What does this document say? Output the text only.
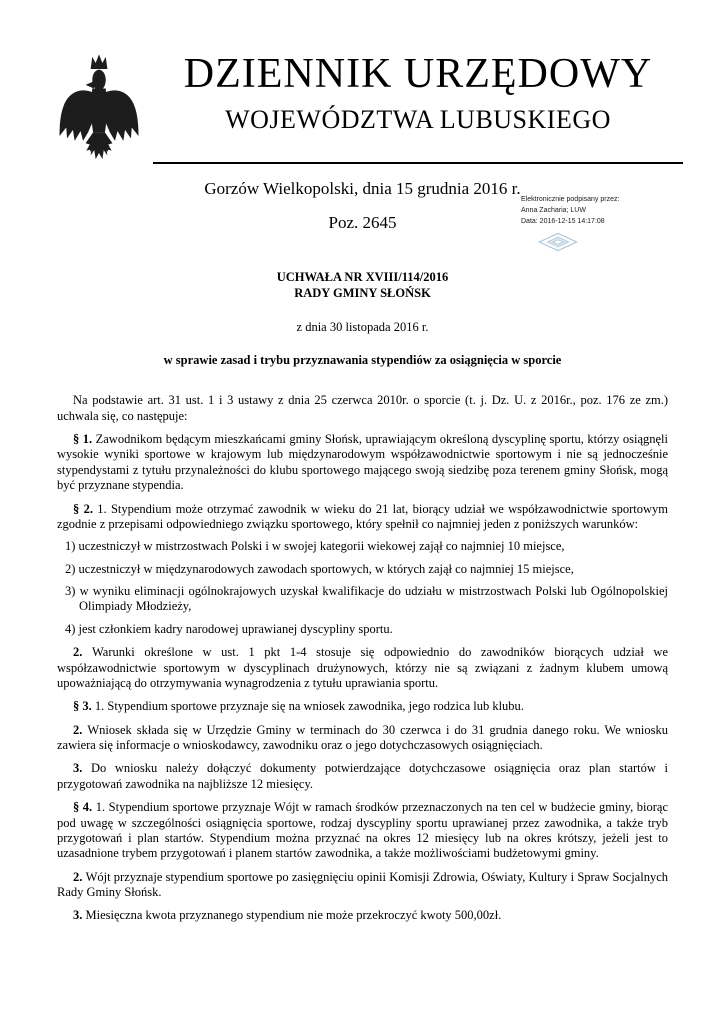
DZIENNIK URZĘDOWY
WOJEWÓDZTWA LUBUSKIEGO
Gorzów Wielkopolski, dnia 15 grudnia 2016 r.
Elektronicznie podpisany przez:
Anna Zacharia; LUW
Data: 2016-12-15 14:17:08
Poz. 2645
UCHWAŁA NR XVIII/114/2016
RADY GMINY SŁOŃSK
z dnia 30 listopada 2016 r.
w sprawie zasad i trybu przyznawania stypendiów za osiągnięcia w sporcie

Na podstawie art. 31 ust. 1 i 3 ustawy z dnia 25 czerwca 2010r. o sporcie (t. j. Dz. U. z 2016r., poz. 176 ze zm.) uchwala się, co następuje:

§ 1. Zawodnikom będącym mieszkańcami gminy Słońsk, uprawiającym określoną dyscyplinę sportu, którzy osiągnęli wysokie wyniki sportowe w krajowym lub międzynarodowym współzawodnictwie sportowym i nie są jednocześnie stypendystami z tytułu przynależności do klubu sportowego mającego swoją siedzibę poza terenem gminy Słońsk, mogą być przyznane stypendia.

§ 2. 1. Stypendium może otrzymać zawodnik w wieku do 21 lat, biorący udział we współzawodnictwie sportowym zgodnie z przepisami odpowiedniego związku sportowego, który spełnił co najmniej jeden z poniższych warunków:

1) uczestniczył w mistrzostwach Polski i w swojej kategorii wiekowej zajął co najmniej 10 miejsce,

2) uczestniczył w międzynarodowych zawodach sportowych, w których zajął co najmniej 15 miejsce,

3) w wyniku eliminacji ogólnokrajowych uzyskał kwalifikacje do udziału w mistrzostwach Polski lub Ogólnopolskiej Olimpiady Młodzieży,

4) jest członkiem kadry narodowej uprawianej dyscypliny sportu.

2. Warunki określone w ust. 1 pkt 1-4 stosuje się odpowiednio do zawodników biorących udział we współzawodnictwie sportowym w dyscyplinach drużynowych, którzy nie są związani z żadnym klubem umową upoważniającą do otrzymywania wynagrodzenia z tytułu uprawiania sportu.

§ 3. 1. Stypendium sportowe przyznaje się na wniosek zawodnika, jego rodzica lub klubu.

2. Wniosek składa się w Urzędzie Gminy w terminach do 30 czerwca i do 31 grudnia danego roku. We wniosku zawiera się informacje o wnioskodawcy, zawodniku oraz o jego dotychczasowych osiągnięciach.

3. Do wniosku należy dołączyć dokumenty potwierdzające dotychczasowe osiągnięcia oraz plan startów i przygotowań zawodnika na najbliższe 12 miesięcy.

§ 4. 1. Stypendium sportowe przyznaje Wójt w ramach środków przeznaczonych na ten cel w budżecie gminy, biorąc pod uwagę w szczególności osiągnięcia sportowe, rodzaj dyscypliny sportu uprawianej przez zawodnika, a także tryb przygotowań i plan startów. Stypendium można przyznać na okres 12 miesięcy lub na okres krótszy, jeżeli jest to uzasadnione trybem przygotowań i planem startów zawodnika, a także możliwościami budżetowymi gminy.

2. Wójt przyznaje stypendium sportowe po zasięgnięciu opinii Komisji Zdrowia, Oświaty, Kultury i Spraw Socjalnych Rady Gminy Słońsk.

3. Miesięczna kwota przyznanego stypendium nie może przekroczyć kwoty 500,00zł.
